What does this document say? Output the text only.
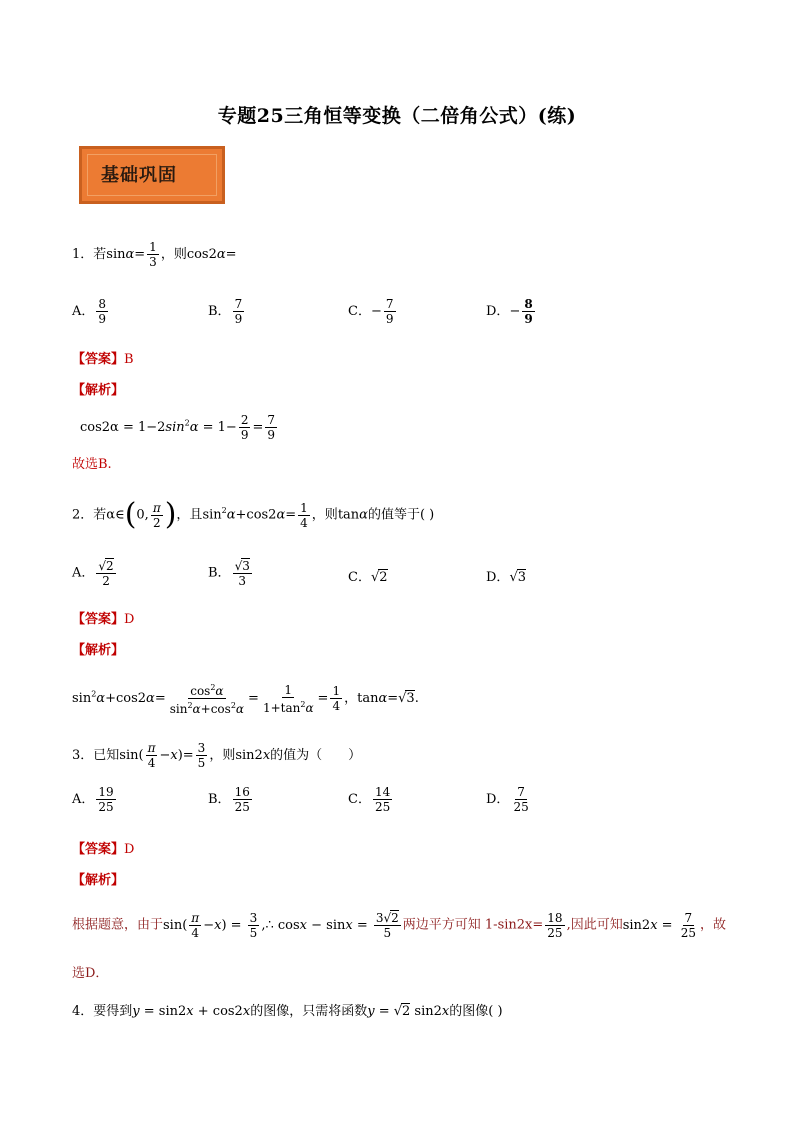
专题25三角恒等变换（二倍角公式）(练)
基础巩固
1．若$\sin\alpha= \frac{1}{3}$ ，则cos2α=
A． $\frac{8}{9}$	B． $\frac{7}{9}$	C．− $\frac{7}{9}$	D．− $\frac{8}{9}$
【答案】B
【解析】
$\cos 2\alpha = 1-2\sin^2\alpha = 1- \frac{2}{9} = \frac{7}{9}$
故选B.
2．若α∈(0, $\frac{\pi}{2}$ )，且$\sin^2\alpha+\cos 2\alpha= \frac{1}{4}$ ，则tanα的值等于( )
A． $\frac{√2}{2}$	B． $\frac{√3}{3}$	C．√2	D．√3
【答案】D
【解析】
$\sin^2\alpha+\cos 2\alpha= \frac{\cos^2\alpha}{\sin^2\alpha+\cos^2\alpha} = \frac{1}{1+\tan^2\alpha} = \frac{1}{4}$ ，tanα=√3.
3．已知$\sin( \frac{\pi}{4} -x)= \frac{3}{5}$ ，则sin2x的值为（　　）
A． $\frac{19}{25}$	B． $\frac{16}{25}$	C． $\frac{14}{25}$	D． $\frac{7}{25}$
【答案】D
【解析】
根据题意，由于$\sin( \frac{\pi}{4} -x) = \frac{3}{5}$ ,∴ $\cos x - \sin x = \frac{3√2}{5}$ 两边平方可知 $1-\sin 2x= \frac{18}{25}$ ,因此可知$\sin 2x = \frac{7}{25}$ ，故
选D．
4．要得到y = sin2x + cos2x的图像，只需将函数y = √2 sin2x的图像( )
